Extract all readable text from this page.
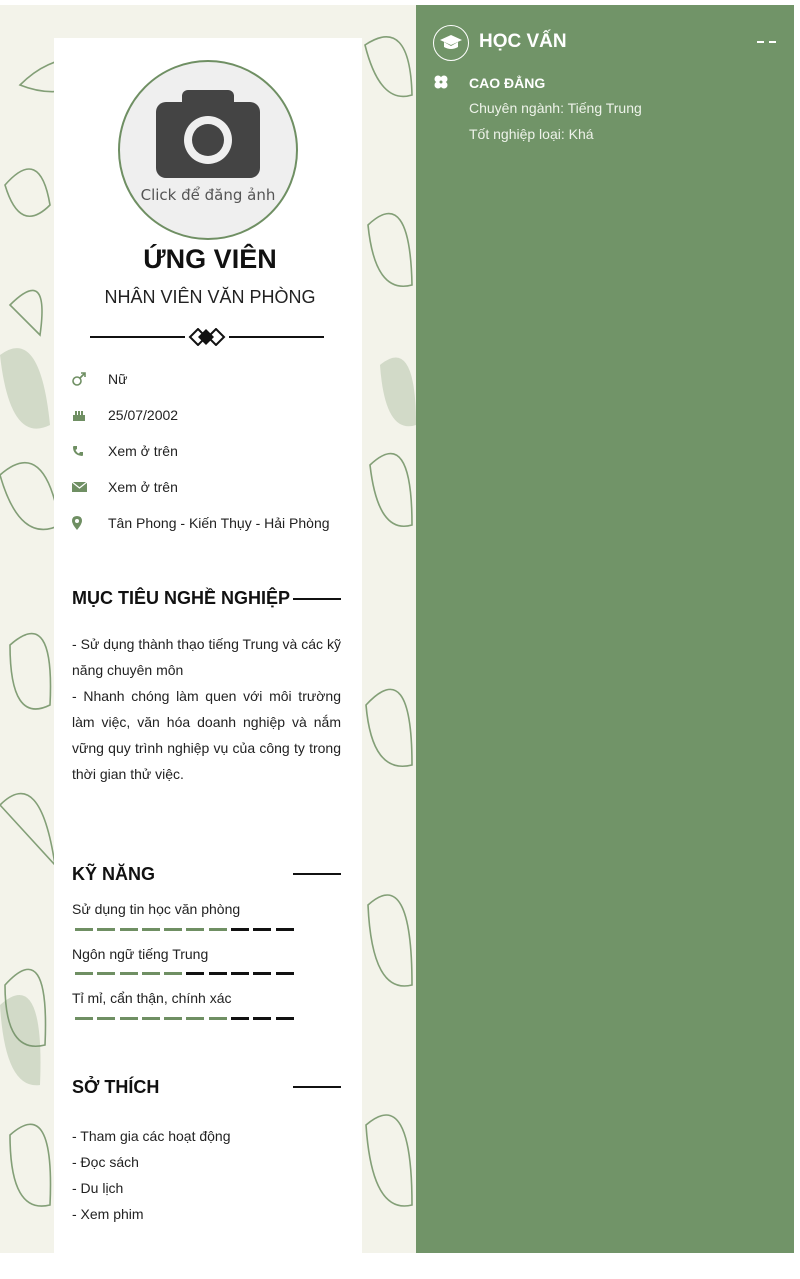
Click để đăng ảnh
ỨNG VIÊN
NHÂN VIÊN VĂN PHÒNG
Nữ
25/07/2002
Xem ở trên
Xem ở trên
Tân Phong - Kiến Thụy - Hải Phòng
MỤC TIÊU NGHỀ NGHIỆP
- Sử dụng thành thạo tiếng Trung và các kỹ năng chuyên môn
- Nhanh chóng làm quen với môi trường làm việc, văn hóa doanh nghiệp và nắm vững quy trình nghiệp vụ của công ty trong thời gian thử việc.
KỸ NĂNG
Sử dụng tin học văn phòng
Ngôn ngữ tiếng Trung
Tỉ mỉ, cẩn thận, chính xác
SỞ THÍCH
- Tham gia các hoạt động
- Đọc sách
- Du lịch
- Xem phim
HỌC VẤN
CAO ĐẲNG
Chuyên ngành: Tiếng Trung
Tốt nghiệp loại: Khá
